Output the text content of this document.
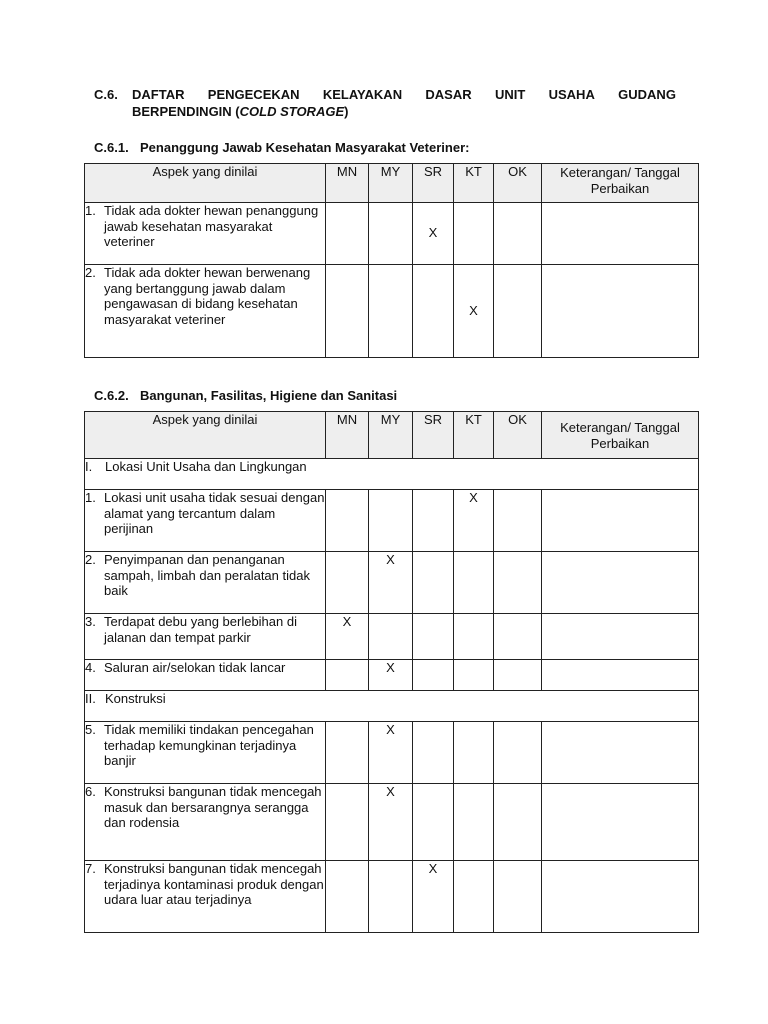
C.6. DAFTAR PENGECEKAN KELAYAKAN DASAR UNIT USAHA GUDANG
BERPENDINGIN (COLD STORAGE)
C.6.1. Penanggung Jawab Kesehatan Masyarakat Veteriner:
Aspek yang dinilai	MN	MY	SR	KT	OK	Keterangan/ Tanggal Perbaikan

1. Tidak ada dokter hewan penanggung jawab kesehatan masyarakat veteriner			X			

2. Tidak ada dokter hewan berwenang yang bertanggung jawab dalam pengawasan di bidang kesehatan masyarakat veteriner				X		
C.6.2. Bangunan, Fasilitas, Higiene dan Sanitasi
Aspek yang dinilai	MN	MY	SR	KT	OK	Keterangan/ Tanggal Perbaikan
I. Lokasi Unit Usaha dan Lingkungan						

1. Lokasi unit usaha tidak sesuai dengan alamat yang tercantum dalam perijinan				X		

2. Penyimpanan dan penanganan sampah, limbah dan peralatan tidak baik		X				

3. Terdapat debu yang berlebihan di jalanan dan tempat parkir	X					

4. Saluran air/selokan tidak lancar		X				
II. Konstruksi						

5. Tidak memiliki tindakan pencegahan terhadap kemungkinan terjadinya banjir		X				

6. Konstruksi bangunan tidak mencegah masuk dan bersarangnya serangga dan rodensia		X				

7. Konstruksi bangunan tidak mencegah terjadinya kontaminasi produk dengan udara luar atau terjadinya			X			
